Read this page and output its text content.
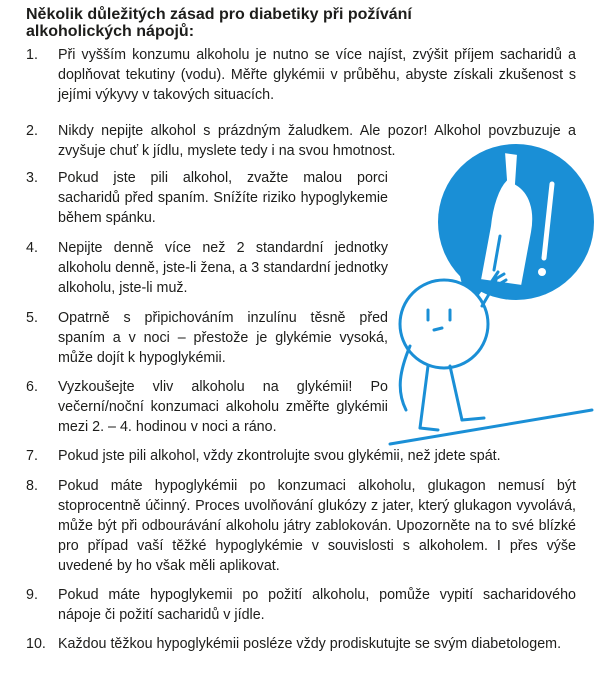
Několik důležitých zásad pro diabetiky při požívání alkoholických nápojů:
1.	Při vyšším konzumu alkoholu je nutno se více najíst, zvýšit příjem sacharidů a doplňovat tekutiny (vodu). Měřte glykémii v průběhu, abyste získali zkušenost s jejími výkyvy v takových situacích.
2.	Nikdy nepijte alkohol s prázdným žaludkem. Ale pozor! Alkohol povzbuzuje a zvyšuje chuť k jídlu, myslete tedy i na svou hmotnost.
3.	Pokud jste pili alkohol, zvažte malou porci sacharidů před spaním. Snížíte riziko hypoglykemie během spánku.
4.	Nepijte denně více než 2 standardní jednotky alkoholu denně, jste-li žena, a 3 standardní jednotky alkoholu, jste-li muž.
5.	Opatrně s připichováním inzulínu těsně před spaním a v noci – přestože je glykémie vysoká, může dojít k hypoglykémii.
6.	Vyzkoušejte vliv alkoholu na glykémii! Po večerní/noční konzumaci alkoholu změřte glykémii mezi 2. – 4. hodinou v noci a ráno.
7.	Pokud jste pili alkohol, vždy zkontrolujte svou glykémii, než jdete spát.
8.	Pokud máte hypoglykémii po konzumaci alkoholu, glukagon nemusí být stoprocentně účinný. Proces uvolňování glukózy z jater, který glukagon vyvolává, může být při odbourávání alkoholu játry zablokován. Upozorněte na to své blízké pro případ vaší těžké hypoglykémie v souvislosti s alkoholem. I přes výše uvedené by ho však měli aplikovat.
9.	Pokud máte hypoglykemii po požití alkoholu, pomůže vypití sacharidového nápoje či požití sacharidů v jídle.
10. Každou těžkou hypoglykémii posléze vždy prodiskutujte se svým diabetologem.
